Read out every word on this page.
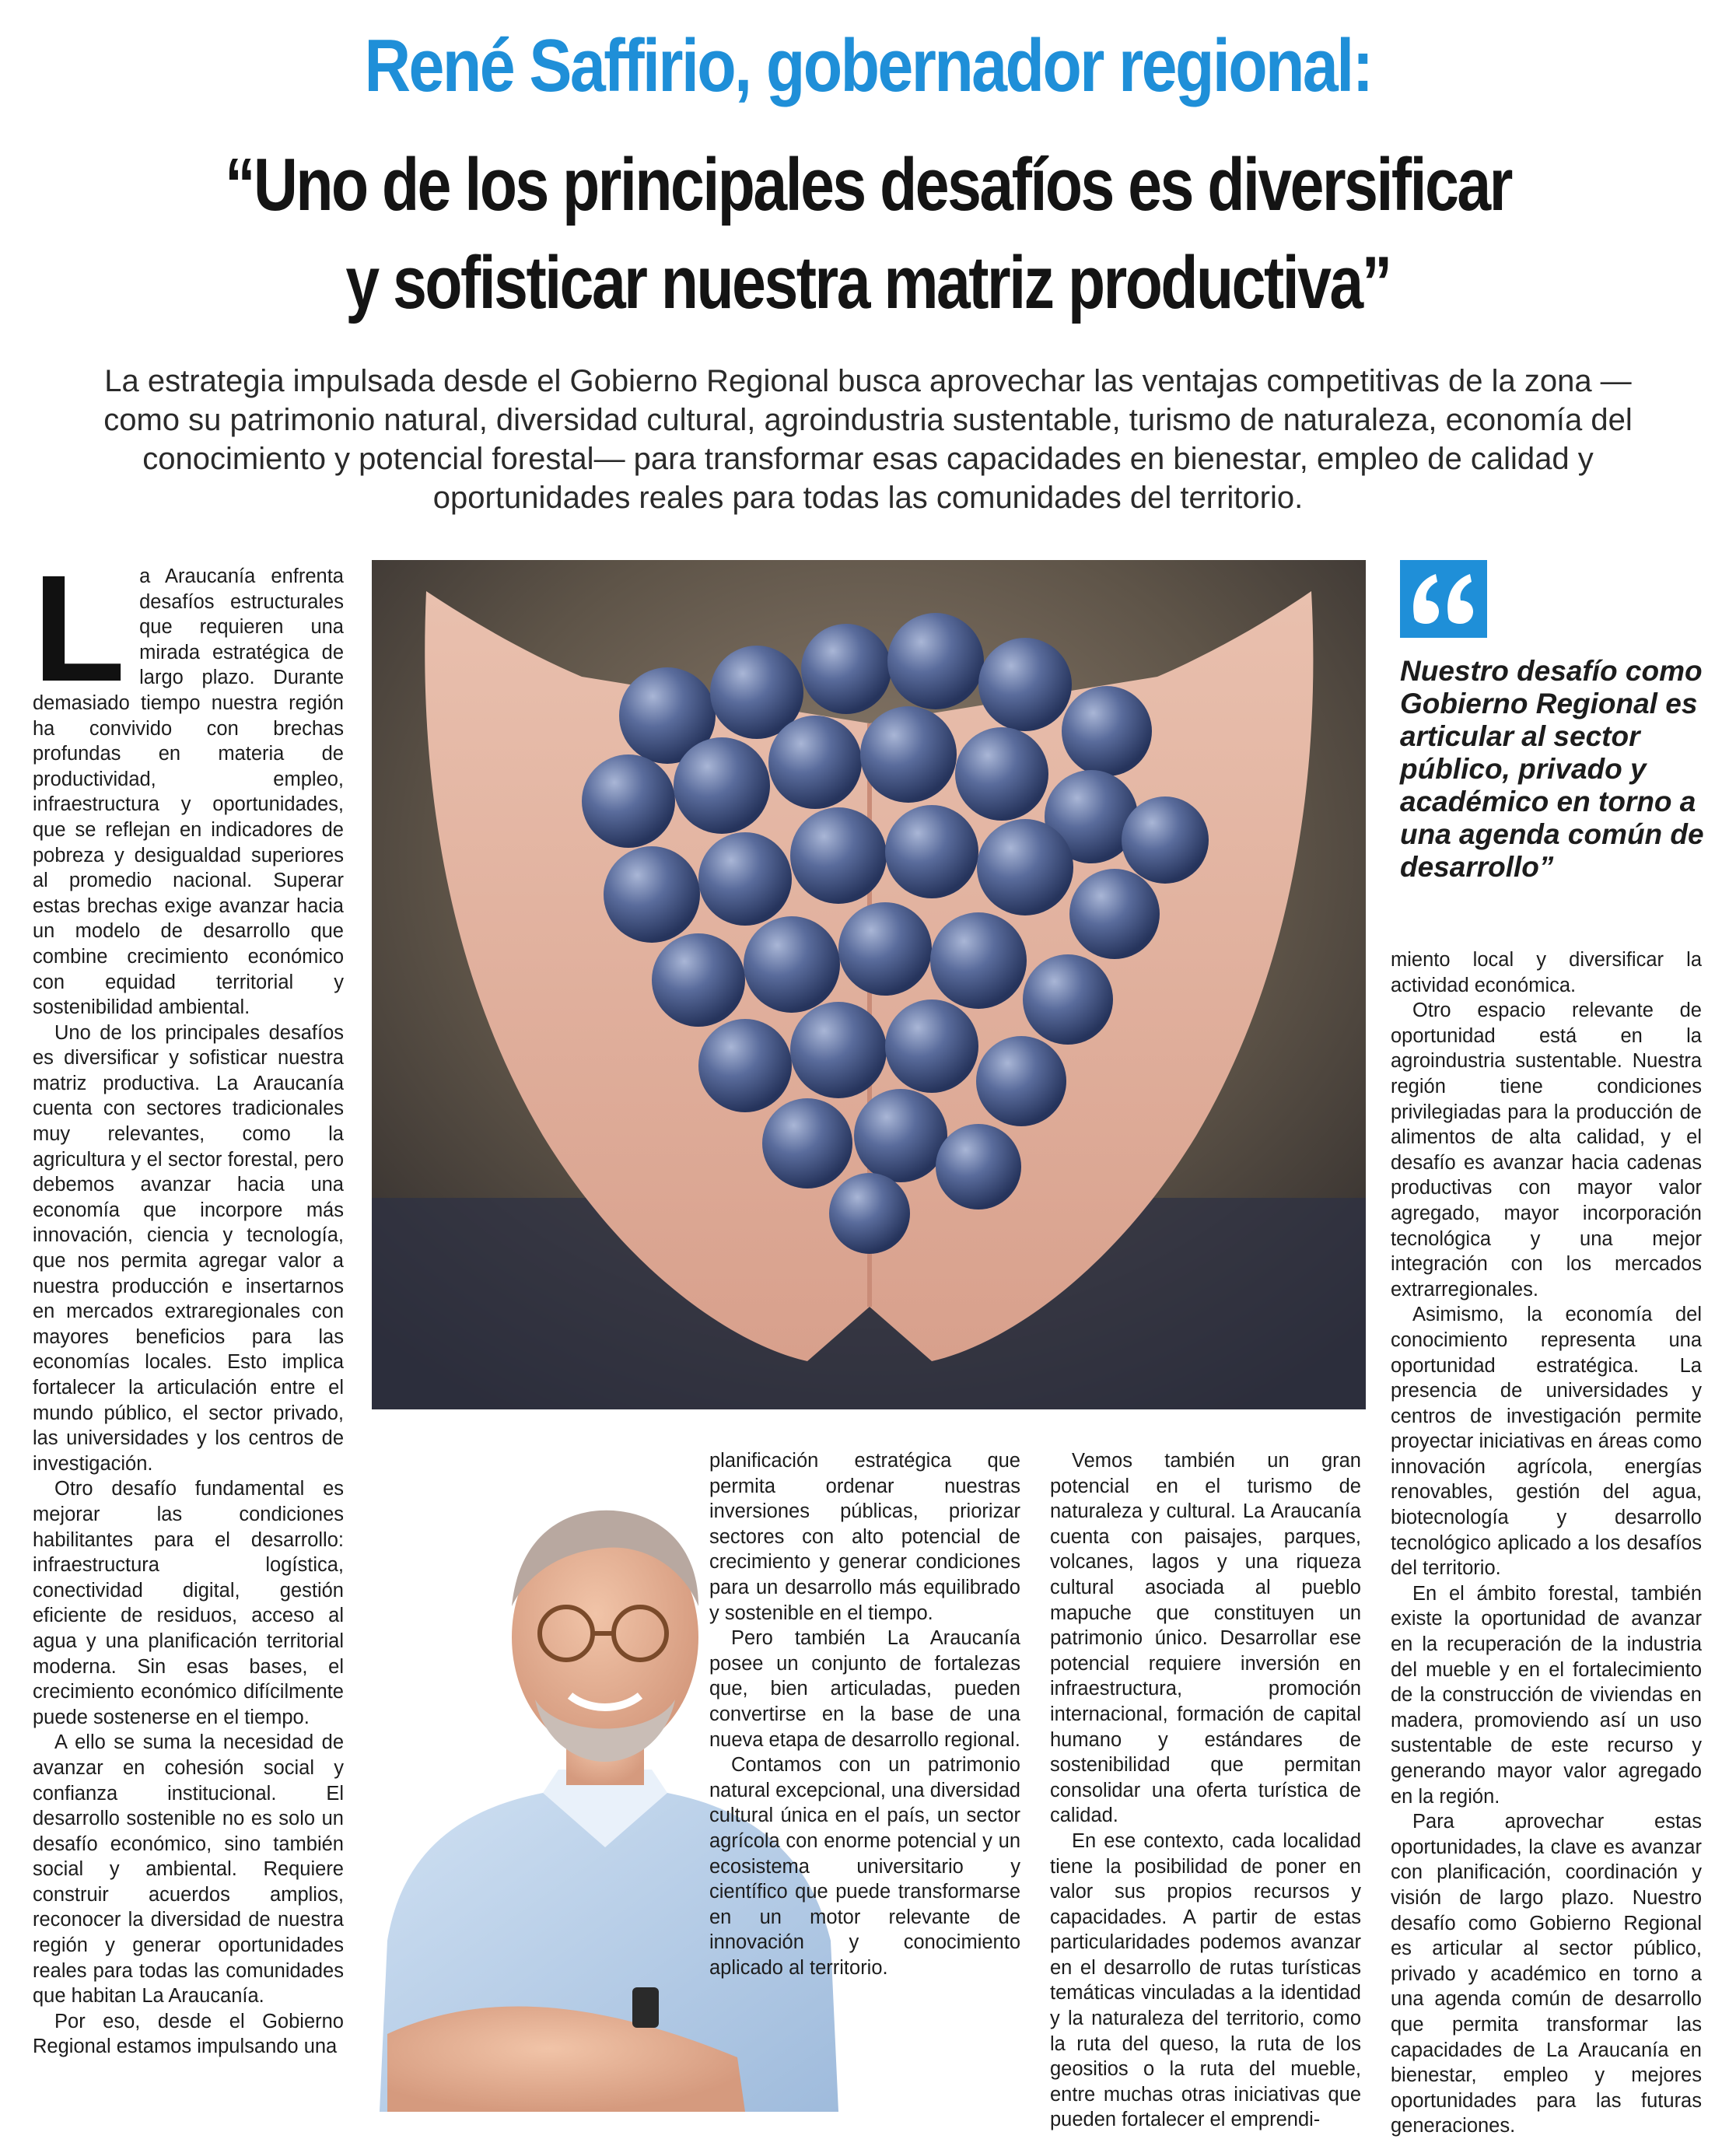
René Saffirio, gobernador regional:
“Uno de los principales desafíos es diversificar
y sofisticar nuestra matriz productiva”
La estrategia impulsada desde el Gobierno Regional busca aprovechar las ventajas competitivas de la zona —como su patrimonio natural, diversidad cultural, agroindustria sustentable, turismo de naturaleza, economía del conocimiento y potencial forestal— para transformar esas capacidades en bienestar, empleo de calidad y oportunidades reales para todas las comunidades del territorio.

La Araucanía enfrenta desafíos estructurales que requieren una mirada estratégica de largo plazo. Durante demasiado tiempo nuestra región ha convivido con brechas profundas en materia de productividad, empleo, infraestructura y oportunidades, que se reflejan en indicadores de pobreza y desigualdad superiores al promedio nacional. Superar estas brechas exige avanzar hacia un modelo de desarrollo que combine crecimiento económico con equidad territorial y sostenibilidad ambiental.

Uno de los principales desafíos es diversificar y sofisticar nuestra matriz productiva. La Araucanía cuenta con sectores tradicionales muy relevantes, como la agricultura y el sector forestal, pero debemos avanzar hacia una economía que incorpore más innovación, ciencia y tecnología, que nos permita agregar valor a nuestra producción e insertarnos en mercados extraregionales con mayores beneficios para las economías locales. Esto implica fortalecer la articulación entre el mundo público, el sector privado, las universidades y los centros de investigación.

Otro desafío fundamental es mejorar las condiciones habilitantes para el desarrollo: infraestructura logística, conectividad digital, gestión eficiente de residuos, acceso al agua y una planificación territorial moderna. Sin esas bases, el crecimiento económico difícilmente puede sostenerse en el tiempo.

A ello se suma la necesidad de avanzar en cohesión social y confianza institucional. El desarrollo sostenible no es solo un desafío económico, sino también social y ambiental. Requiere construir acuerdos amplios, reconocer la diversidad de nuestra región y generar oportunidades reales para todas las comunidades que habitan La Araucanía.

Por eso, desde el Gobierno Regional estamos impulsando una

Nuestro desafío como Gobierno Regional es articular al sector público, privado y académico en torno a una agenda común de desarrollo”

miento local y diversificar la actividad económica.

Otro espacio relevante de oportunidad está en la agroindustria sustentable. Nuestra región tiene condiciones privilegiadas para la producción de alimentos de alta calidad, y el desafío es avanzar hacia cadenas productivas con mayor valor agregado, mayor incorporación tecnológica y una mejor integración con los mercados extrarregionales.

Asimismo, la economía del conocimiento representa una oportunidad estratégica. La presencia de universidades y centros de investigación permite proyectar iniciativas en áreas como innovación agrícola, energías renovables, gestión del agua, biotecnología y desarrollo tecnológico aplicado a los desafíos del territorio.

En el ámbito forestal, también existe la oportunidad de avanzar en la recuperación de la industria del mueble y en el fortalecimiento de la construcción de viviendas en madera, promoviendo así un uso sustentable de este recurso y generando mayor valor agregado en la región.

Para aprovechar estas oportunidades, la clave es avanzar con planificación, coordinación y visión de largo plazo. Nuestro desafío como Gobierno Regional es articular al sector público, privado y académico en torno a una agenda común de desarrollo que permita transformar las capacidades de La Araucanía en bienestar, empleo y mejores oportunidades para las futuras generaciones.

planificación estratégica que permita ordenar nuestras inversiones públicas, priorizar sectores con alto potencial de crecimiento y generar condiciones para un desarrollo más equilibrado y sostenible en el tiempo.

Pero también La Araucanía posee un conjunto de fortalezas que, bien articuladas, pueden convertirse en la base de una nueva etapa de desarrollo regional.

Contamos con un patrimonio natural excepcional, una diversidad cultural única en el país, un sector agrícola con enorme potencial y un ecosistema universitario y científico que puede transformarse en un motor relevante de innovación y conocimiento aplicado al territorio.

Vemos también un gran potencial en el turismo de naturaleza y cultural. La Araucanía cuenta con paisajes, parques, volcanes, lagos y una riqueza cultural asociada al pueblo mapuche que constituyen un patrimonio único. Desarrollar ese potencial requiere inversión en infraestructura, promoción internacional, formación de capital humano y estándares de sostenibilidad que permitan consolidar una oferta turística de calidad.

En ese contexto, cada localidad tiene la posibilidad de poner en valor sus propios recursos y capacidades. A partir de estas particularidades podemos avanzar en el desarrollo de rutas turísticas temáticas vinculadas a la identidad y la naturaleza del territorio, como la ruta del queso, la ruta de los geositios o la ruta del mueble, entre muchas otras iniciativas que pueden fortalecer el emprendi-
